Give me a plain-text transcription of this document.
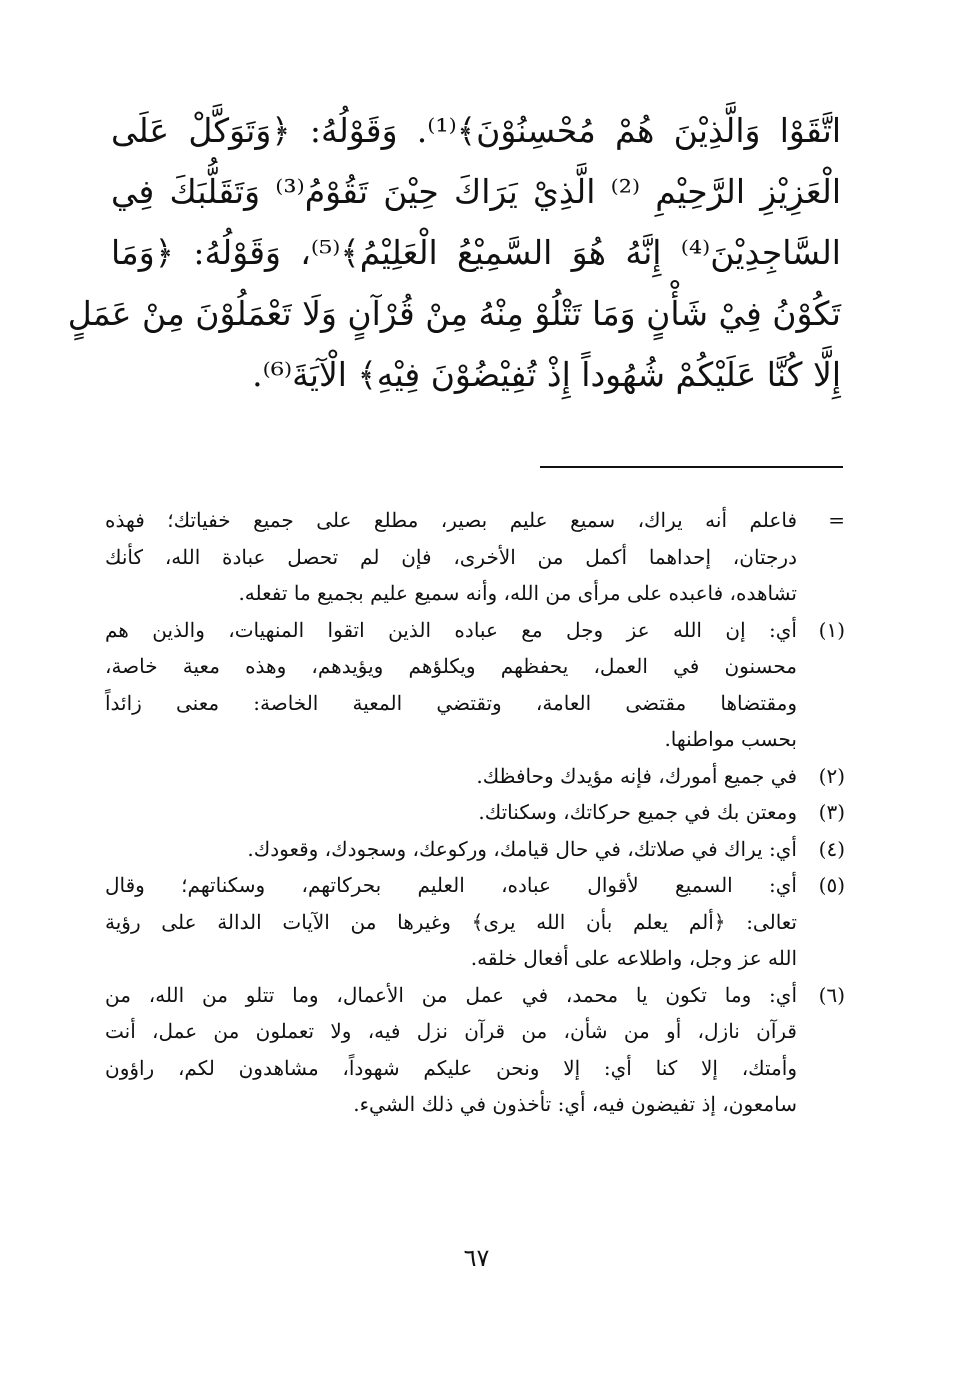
اتَّقَوْا وَالَّذِيْنَ هُمْ مُحْسِنُوْنَ﴾⁽¹⁾. وَقَوْلُهُ: ﴿وَتَوَكَّلْ عَلَى
الْعَزِيْزِ الرَّحِيْمِ ⁽²⁾ الَّذِيْ يَرَاكَ حِيْنَ تَقُوْمُ⁽³⁾ وَتَقَلُّبَكَ فِي
السَّاجِدِيْنَ⁽⁴⁾ إِنَّهُ هُوَ السَّمِيْعُ الْعَلِيْمُ﴾⁽⁵⁾، وَقَوْلُهُ: ﴿وَمَا
تَكُوْنُ فِيْ شَأْنٍ وَمَا تَتْلُوْ مِنْهُ مِنْ قُرْآنٍ وَلَا تَعْمَلُوْنَ مِنْ عَمَلٍ
إِلَّا كُنَّا عَلَيْكُمْ شُهُوداً إِذْ تُفِيْضُوْنَ فِيْهِ﴾ الْآيَةَ⁽⁶⁾.
=
فاعلم أنه يراك، سميع عليم بصير، مطلع على جميع خفياتك؛ فهذه
درجتان، إحداهما أكمل من الأخرى، فإن لم تحصل عبادة الله، كأنك
تشاهده، فاعبده على مرأى من الله، وأنه سميع عليم بجميع ما تفعله.
(١)
أي: إن الله عز وجل مع عباده الذين اتقوا المنهيات، والذين هم
محسنون في العمل، يحفظهم ويكلؤهم ويؤيدهم، وهذه معية خاصة،
ومقتضاها مقتضى العامة، وتقتضي المعية الخاصة: معنى زائداً
بحسب مواطنها.
(٢)
في جميع أمورك، فإنه مؤيدك وحافظك.
(٣)
ومعتن بك في جميع حركاتك، وسكناتك.
(٤)
أي: يراك في صلاتك، في حال قيامك، وركوعك، وسجودك، وقعودك.
(٥)
أي: السميع لأقوال عباده، العليم بحركاتهم، وسكناتهم؛ وقال
تعالى: ﴿ألم يعلم بأن الله يرى﴾ وغيرها من الآيات الدالة على رؤية
الله عز وجل، واطلاعه على أفعال خلقه.
(٦)
أي: وما تكون يا محمد، في عمل من الأعمال، وما تتلو من الله، من
قرآن نازل، أو من شأن، من قرآن نزل فيه، ولا تعملون من عمل، أنت
وأمتك، إلا كنا أي: إلا ونحن عليكم شهوداً، مشاهدون لكم، راؤون
سامعون، إذ تفيضون فيه، أي: تأخذون في ذلك الشيء.
٦٧
